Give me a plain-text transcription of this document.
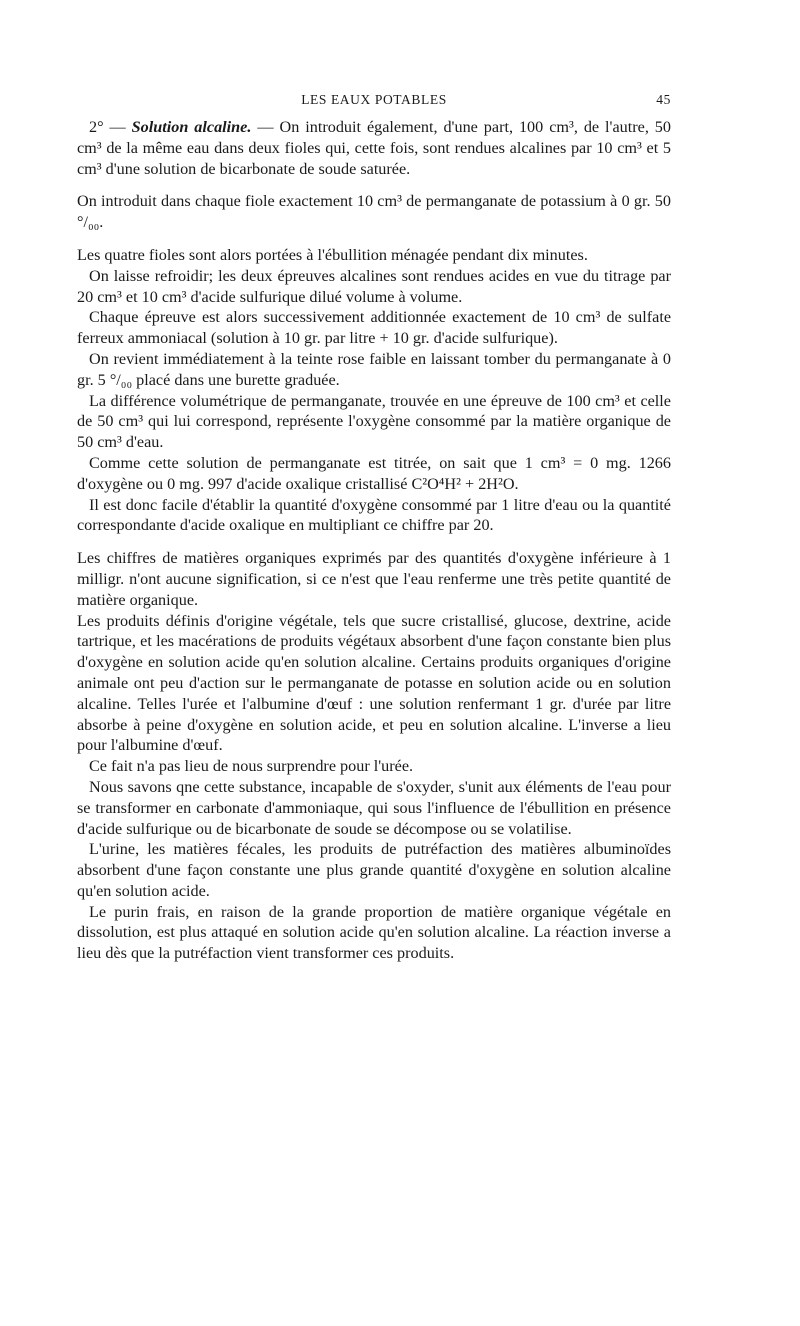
LES EAUX POTABLES	45

2° — Solution alcaline. — On introduit également, d'une part, 100 cm³, de l'autre, 50 cm³ de la même eau dans deux fioles qui, cette fois, sont rendues alcalines par 10 cm³ et 5 cm³ d'une solution de bicarbonate de soude saturée.

On introduit dans chaque fiole exactement 10 cm³ de permanganate de potassium à 0 gr. 50 °/₀₀.

Les quatre fioles sont alors portées à l'ébullition ménagée pendant dix minutes.

On laisse refroidir; les deux épreuves alcalines sont rendues acides en vue du titrage par 20 cm³ et 10 cm³ d'acide sulfurique dilué volume à volume.

Chaque épreuve est alors successivement additionnée exactement de 10 cm³ de sulfate ferreux ammoniacal (solution à 10 gr. par litre + 10 gr. d'acide sulfurique).

On revient immédiatement à la teinte rose faible en laissant tomber du permanganate à 0 gr. 5 °/₀₀ placé dans une burette graduée.

La différence volumétrique de permanganate, trouvée en une épreuve de 100 cm³ et celle de 50 cm³ qui lui correspond, représente l'oxygène consommé par la matière organique de 50 cm³ d'eau.

Comme cette solution de permanganate est titrée, on sait que 1 cm³ = 0 mg. 1266 d'oxygène ou 0 mg. 997 d'acide oxalique cristallisé C²O⁴H² + 2H²O.

Il est donc facile d'établir la quantité d'oxygène consommé par 1 litre d'eau ou la quantité correspondante d'acide oxalique en multipliant ce chiffre par 20.

Les chiffres de matières organiques exprimés par des quantités d'oxygène inférieure à 1 milligr. n'ont aucune signification, si ce n'est que l'eau renferme une très petite quantité de matière organique.

Les produits définis d'origine végétale, tels que sucre cristallisé, glucose, dextrine, acide tartrique, et les macérations de produits végétaux absorbent d'une façon constante bien plus d'oxygène en solution acide qu'en solution alcaline. Certains produits organiques d'origine animale ont peu d'action sur le permanganate de potasse en solution acide ou en solution alcaline. Telles l'urée et l'albumine d'œuf : une solution renfermant 1 gr. d'urée par litre absorbe à peine d'oxygène en solution acide, et peu en solution alcaline. L'inverse a lieu pour l'albumine d'œuf.

Ce fait n'a pas lieu de nous surprendre pour l'urée.

Nous savons qne cette substance, incapable de s'oxyder, s'unit aux éléments de l'eau pour se transformer en carbonate d'ammoniaque, qui sous l'influence de l'ébullition en présence d'acide sulfurique ou de bicarbonate de soude se décompose ou se volatilise.

L'urine, les matières fécales, les produits de putréfaction des matières albuminoïdes absorbent d'une façon constante une plus grande quantité d'oxygène en solution alcaline qu'en solution acide.

Le purin frais, en raison de la grande proportion de matière organique végétale en dissolution, est plus attaqué en solution acide qu'en solution alcaline. La réaction inverse a lieu dès que la putréfaction vient transformer ces produits.
